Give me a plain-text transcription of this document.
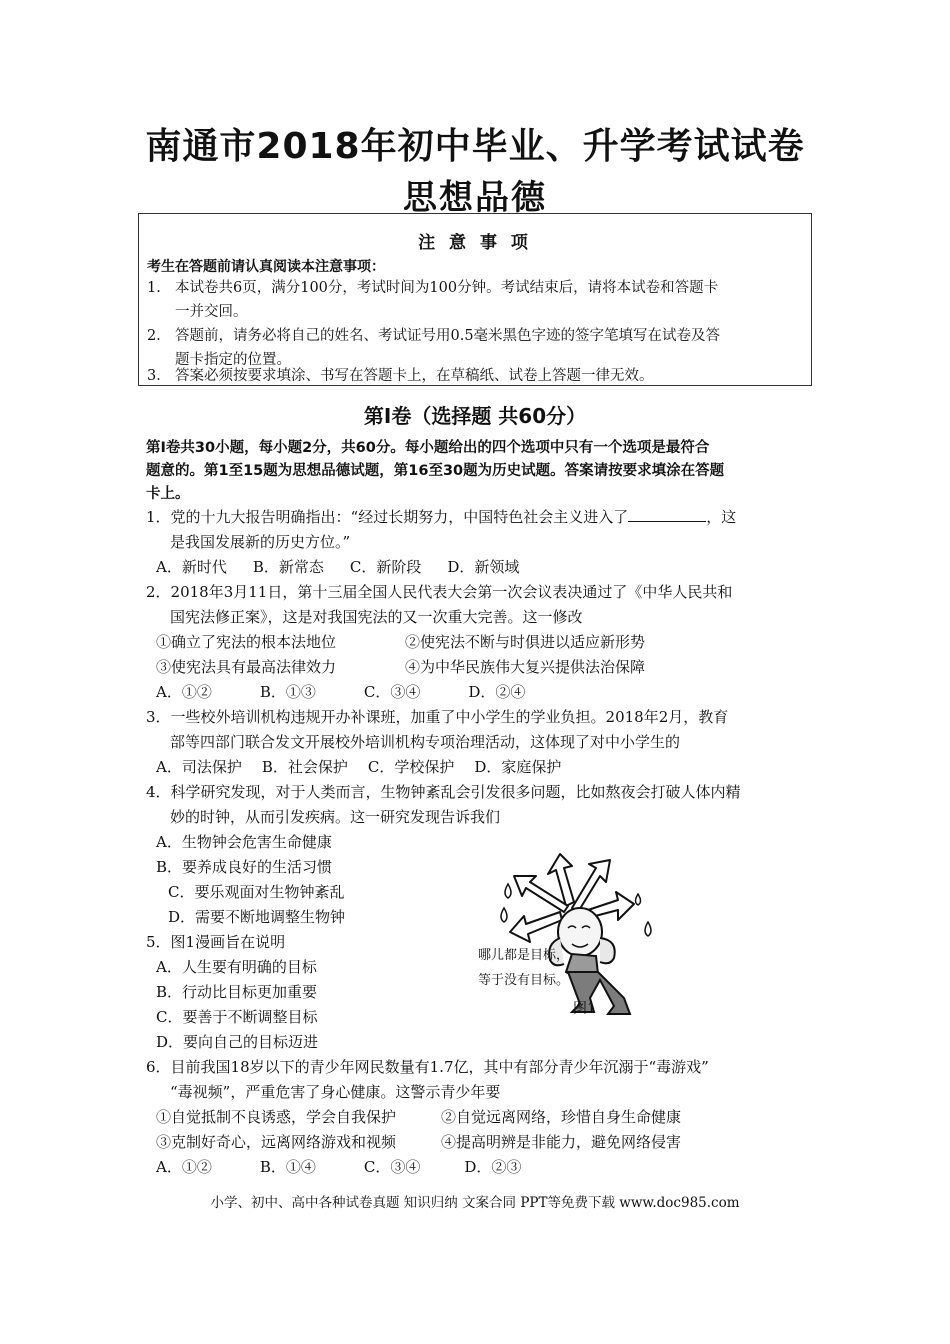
南通市2018年初中毕业、升学考试试卷
思想品德
注 意 事 项
考生在答题前请认真阅读本注意事项：
1. 本试卷共6页，满分100分，考试时间为100分钟。考试结束后，请将本试卷和答题卡
一并交回。
2． 答题前，请务必将自己的姓名、考试证号用0.5毫米黑色字迹的签字笔填写在试卷及答
题卡指定的位置。
3． 答案必须按要求填涂、书写在答题卡上，在草稿纸、试卷上答题一律无效。
第Ⅰ卷（选择题 共60分）
第Ⅰ卷共30小题，每小题2分，共60分。每小题给出的四个选项中只有一个选项是最符合
题意的。第1至15题为思想品德试题，第16至30题为历史试题。答案请按要求填涂在答题
卡上。
1．党的十九大报告明确指出：“经过长期努力，中国特色社会主义进入了	，这
是我国发展新的历史方位。”
A．新时代 B．新常态 C．新阶段 D．新领域
2．2018年3月11日，第十三届全国人民代表大会第一次会议表决通过了《中华人民共和
国宪法修正案》，这是对我国宪法的又一次重大完善。这一修改
①确立了宪法的根本法地位	②使宪法不断与时俱进以适应新形势
③使宪法具有最高法律效力	④为中华民族伟大复兴提供法治保障
A．①②	B．①③	C．③④	D．②④
3．一些校外培训机构违规开办补课班，加重了中小学生的学业负担。2018年2月，教育
部等四部门联合发文开展校外培训机构专项治理活动，这体现了对中小学生的
A．司法保护 B．社会保护 C．学校保护 D．家庭保护
4．科学研究发现，对于人类而言，生物钟紊乱会引发很多问题，比如熬夜会打破人体内精
妙的时钟，从而引发疾病。这一研究发现告诉我们
A．生物钟会危害生命健康
B．要养成良好的生活习惯
C．要乐观面对生物钟紊乱
D．需要不断地调整生物钟
5．图1漫画旨在说明
A．人生要有明确的目标
B．行动比目标更加重要
C．要善于不断调整目标
D．要向自己的目标迈进
哪儿都是目标，
等于没有目标。
图1
6．目前我国18岁以下的青少年网民数量有1.7亿，其中有部分青少年沉溺于“毒游戏”
“毒视频”，严重危害了身心健康。这警示青少年要
①自觉抵制不良诱惑，学会自我保护	②自觉远离网络，珍惜自身生命健康
③克制好奇心，远离网络游戏和视频	④提高明辨是非能力，避免网络侵害
A．①②	B．①④	C．③④	D．②③
小学、初中、高中各种试卷真题 知识归纳 文案合同 PPT等免费下载 www.doc985.com
